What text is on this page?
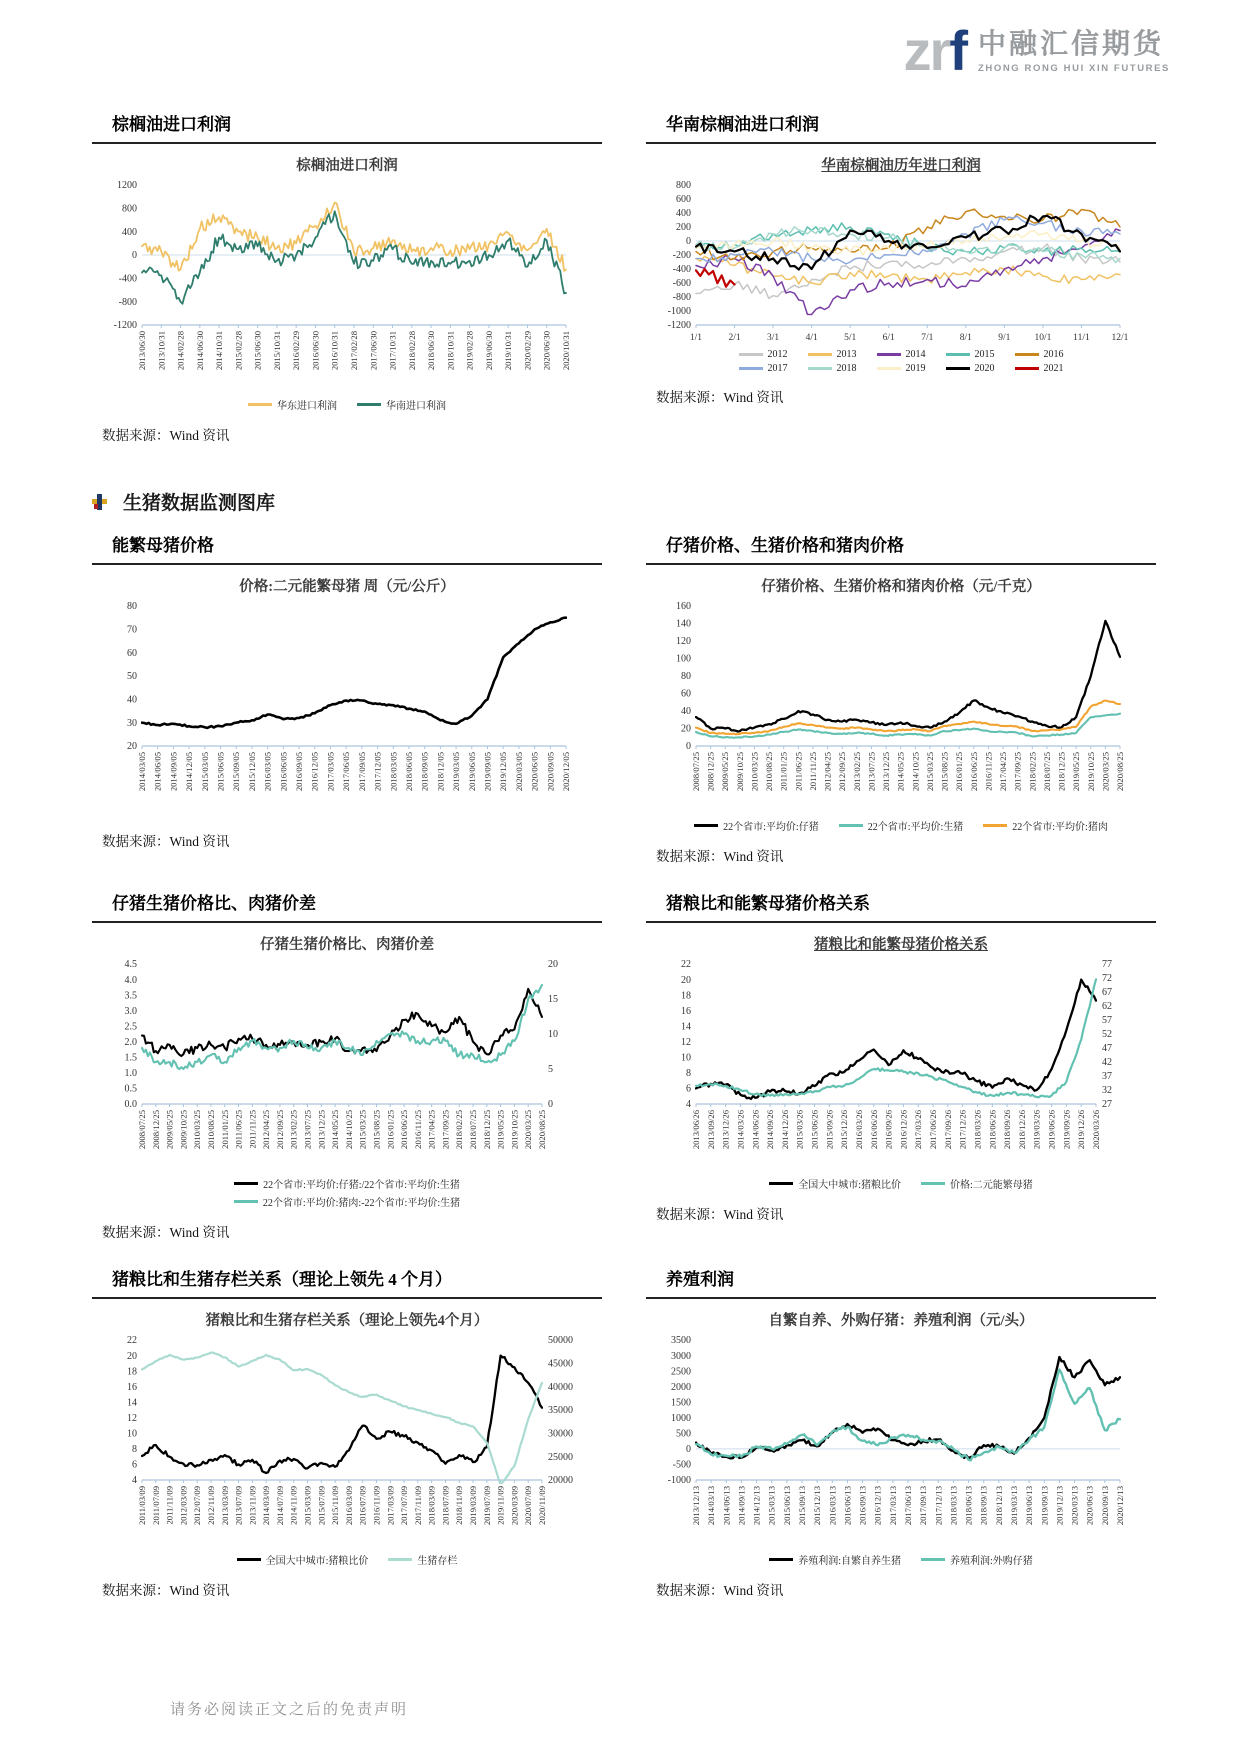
zrf 中融汇信期货
ZHONG RONG HUI XIN FUTURES
棕榈油进口利润
棕榈油进口利润
1200
800
400
0
-400
-800
-1200
2013/06/30 2013/10/31 2014/02/28 2014/06/30 2014/10/31 2015/02/28 2015/06/30 2015/10/31 2016/02/29 2016/06/30 2016/10/31 2017/02/28 2017/06/30 2017/10/31 2018/02/28 2018/06/30 2018/10/31 2019/02/28 2019/06/30 2019/10/31 2020/02/29 2020/06/30 2020/10/31
华东进口利润	华南进口利润
数据来源：Wind 资讯
华南棕榈油进口利润
华南棕榈油历年进口利润
800
600
400
200
0
-200
-400
-600
-800
-1000
-1200
1/1	2/1	3/1	4/1	5/1	6/1	7/1	8/1	9/1	10/1 11/1 12/1
2012	2013	2014	2015	2016
2017	2018	2019	2020	2021
数据来源：Wind 资讯
生猪数据监测图库
能繁母猪价格
价格:二元能繁母猪 周（元/公斤）
80
70
60
50
40
30
20
2014/03/05 2014/06/05 2014/09/05 2014/12/05 2015/03/05 2015/06/05 2015/09/05 2015/12/05 2016/03/05 2016/06/05 2016/09/05 2016/12/05 2017/03/05 2017/06/05 2017/09/05 2017/12/05 2018/03/05 2018/06/05 2018/09/05 2018/12/05 2019/03/05 2019/06/05 2019/09/05 2019/12/05 2020/03/05 2020/06/05 2020/09/05 2020/12/05
数据来源：Wind 资讯
仔猪价格、生猪价格和猪肉价格
仔猪价格、生猪价格和猪肉价格（元/千克）
160
140
120
100
80
60
40
20
0
2008/07/25 2008/12/25 2009/05/25 2009/10/25 2010/03/25 2010/08/25 2011/01/25 2011/06/25 2011/11/25 2012/04/25 2012/09/25 2013/02/25 2013/07/25 2013/12/25 2014/05/25 2014/10/25 2015/03/25 2015/08/25 2016/01/25 2016/06/25 2016/11/25 2017/04/25 2017/09/25 2018/02/25 2018/07/25 2018/12/25 2019/05/25 2019/10/25 2020/03/25 2020/08/25
22个省市:平均价:仔猪	22个省市:平均价:生猪	22个省市:平均价:猪肉
数据来源：Wind 资讯
仔猪生猪价格比、肉猪价差
仔猪生猪价格比、肉猪价差
4.5
4.0
3.5
3.0
2.5
2.0
1.5
1.0
0.5
0.0
20
15
10
5
0
2008/07/25 2008/12/25 2009/05/25 2009/10/25 2010/03/25 2010/08/25 2011/01/25 2011/06/25 2011/11/25 2012/04/25 2012/09/25 2013/02/25 2013/07/25 2013/12/25 2014/05/25 2014/10/25 2015/03/25 2015/08/25 2016/01/25 2016/06/25 2016/11/25 2017/04/25 2017/09/25 2018/02/25 2018/07/25 2018/12/25 2019/05/25 2019/10/25 2020/03/25 2020/08/25
22个省市:平均价:仔猪:/22个省市:平均价:生猪
22个省市:平均价:猪肉:-22个省市:平均价:生猪
数据来源：Wind 资讯
猪粮比和能繁母猪价格关系
猪粮比和能繁母猪价格关系
22
20
18
16
14
12
10
8
6
4
77
72
67
62
57
52
47
42
37
32
27
2013/06/26 2013/09/26 2013/12/26 2014/03/26 2014/06/26 2014/09/26 2014/12/26 2015/03/26 2015/06/26 2015/09/26 2015/12/26 2016/03/26 2016/06/26 2016/09/26 2016/12/26 2017/03/26 2017/06/26 2017/09/26 2017/12/26 2018/03/26 2018/06/26 2018/09/26 2018/12/26 2019/03/26 2019/06/26 2019/09/26 2019/12/26 2020/03/26
全国大中城市:猪粮比价	价格:二元能繁母猪
数据来源：Wind 资讯
猪粮比和生猪存栏关系（理论上领先 4 个月）
猪粮比和生猪存栏关系（理论上领先4个月）
22
20
18
16
14
12
10
8
6
4
50000
45000
40000
35000
30000
25000
20000
2011/03/09 2011/07/09 2011/11/09 2012/03/09 2012/07/09 2012/11/09 2013/03/09 2013/07/09 2013/11/09 2014/03/09 2014/07/09 2014/11/09 2015/03/09 2015/07/09 2015/11/09 2016/03/09 2016/07/09 2016/11/09 2017/03/09 2017/07/09 2017/11/09 2018/03/09 2018/07/09 2018/11/09 2019/03/09 2019/07/09 2019/11/09 2020/03/09 2020/07/09 2020/11/09
全国大中城市:猪粮比价	生猪存栏
数据来源：Wind 资讯
养殖利润
自繁自养、外购仔猪：养殖利润（元/头）
3500
3000
2500
2000
1500
1000
500
0
-500
-1000
2013/12/13 2014/03/13 2014/06/13 2014/09/13 2014/12/13 2015/03/13 2015/06/13 2015/09/13 2015/12/13 2016/03/13 2016/06/13 2016/09/13 2016/12/13 2017/03/13 2017/06/13 2017/09/13 2017/12/13 2018/03/13 2018/06/13 2018/09/13 2018/12/13 2019/03/13 2019/06/13 2019/09/13 2019/12/13 2020/03/13 2020/06/13 2020/09/13 2020/12/13
养殖利润:自繁自养生猪	养殖利润:外购仔猪
数据来源：Wind 资讯
请务必阅读正文之后的免责声明
